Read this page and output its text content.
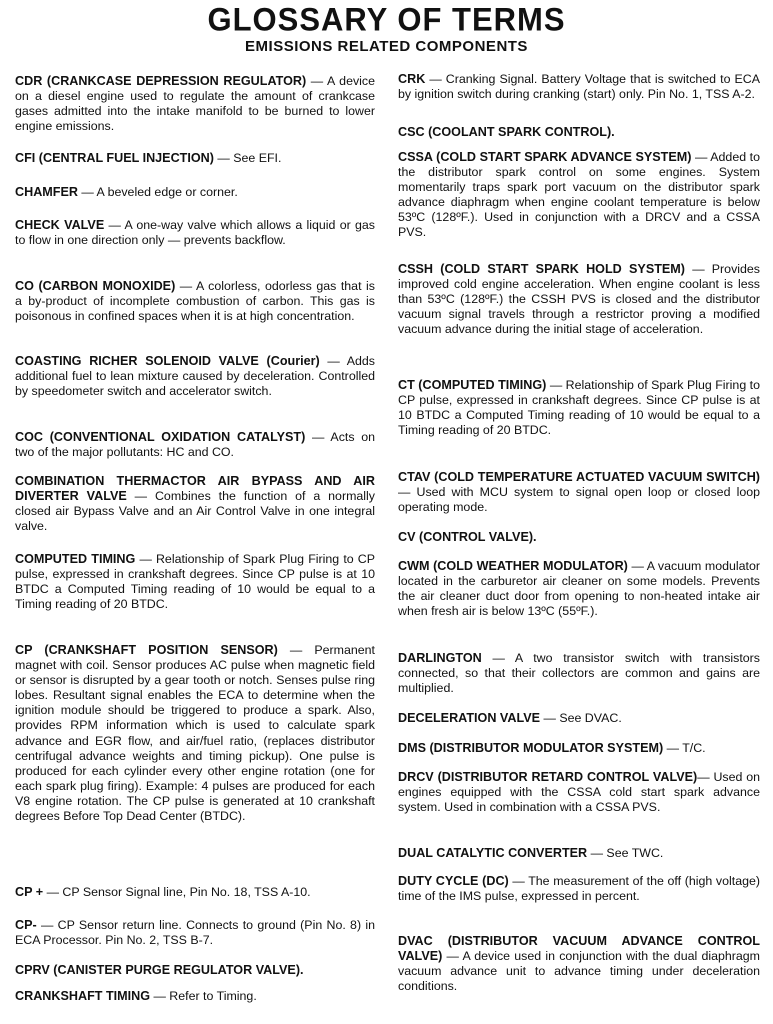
GLOSSARY OF TERMS
EMISSIONS RELATED COMPONENTS

CDR (CRANKCASE DEPRESSION REGULATOR) — A device on a diesel engine used to regulate the amount of crankcase gases admitted into the intake manifold to be burned to lower engine emissions.

CFI (CENTRAL FUEL INJECTION) — See EFI.

CHAMFER — A beveled edge or corner.

CHECK VALVE — A one-way valve which allows a liquid or gas to flow in one direction only — prevents backflow.

CO (CARBON MONOXIDE) — A colorless, odorless gas that is a by-product of incomplete combustion of carbon. This gas is poisonous in confined spaces when it is at high concentration.

COASTING RICHER SOLENOID VALVE (Courier) — Adds additional fuel to lean mixture caused by deceleration. Controlled by speedometer switch and accelerator switch.

COC (CONVENTIONAL OXIDATION CATALYST) — Acts on two of the major pollutants: HC and CO.

COMBINATION THERMACTOR AIR BYPASS AND AIR DIVERTER VALVE — Combines the function of a normally closed air Bypass Valve and an Air Control Valve in one integral valve.

COMPUTED TIMING — Relationship of Spark Plug Firing to CP pulse, expressed in crankshaft degrees. Since CP pulse is at 10 BTDC a Computed Timing reading of 10 would be equal to a Timing reading of 20 BTDC.

CP (CRANKSHAFT POSITION SENSOR) — Permanent magnet with coil. Sensor produces AC pulse when magnetic field or sensor is disrupted by a gear tooth or notch. Senses pulse ring lobes. Resultant signal enables the ECA to determine when the ignition module should be triggered to produce a spark. Also, provides RPM information which is used to calculate spark advance and EGR flow, and air/fuel ratio, (replaces distributor centrifugal advance weights and timing pickup). One pulse is produced for each cylinder every other engine rotation (one for each spark plug firing). Example: 4 pulses are produced for each V8 engine rotation. The CP pulse is generated at 10 crankshaft degrees Before Top Dead Center (BTDC).

CP + — CP Sensor Signal line, Pin No. 18, TSS A-10.

CP- — CP Sensor return line. Connects to ground (Pin No. 8) in ECA Processor. Pin No. 2, TSS B-7.

CPRV (CANISTER PURGE REGULATOR VALVE).

CRANKSHAFT TIMING — Refer to Timing.

CRK — Cranking Signal. Battery Voltage that is switched to ECA by ignition switch during cranking (start) only. Pin No. 1, TSS A-2.

CSC (COOLANT SPARK CONTROL).

CSSA (COLD START SPARK ADVANCE SYSTEM) — Added to the distributor spark control on some engines. System momentarily traps spark port vacuum on the distributor spark advance diaphragm when engine coolant temperature is below 53ºC (128ºF.). Used in conjunction with a DRCV and a CSSA PVS.

CSSH (COLD START SPARK HOLD SYSTEM) — Provides improved cold engine acceleration. When engine coolant is less than 53ºC (128ºF.) the CSSH PVS is closed and the distributor vacuum signal travels through a restrictor proving a modified vacuum advance during the initial stage of acceleration.

CT (COMPUTED TIMING) — Relationship of Spark Plug Firing to CP pulse, expressed in crankshaft degrees. Since CP pulse is at 10 BTDC a Computed Timing reading of 10 would be equal to a Timing reading of 20 BTDC.

CTAV (COLD TEMPERATURE ACTUATED VACUUM SWITCH) — Used with MCU system to signal open loop or closed loop operating mode.

CV (CONTROL VALVE).

CWM (COLD WEATHER MODULATOR) — A vacuum modulator located in the carburetor air cleaner on some models. Prevents the air cleaner duct door from opening to non-heated intake air when fresh air is below 13ºC (55ºF.).

DARLINGTON — A two transistor switch with transistors connected, so that their collectors are common and gains are multiplied.

DECELERATION VALVE — See DVAC.

DMS (DISTRIBUTOR MODULATOR SYSTEM) — T/C.

DRCV (DISTRIBUTOR RETARD CONTROL VALVE)— Used on engines equipped with the CSSA cold start spark advance system. Used in combination with a CSSA PVS.

DUAL CATALYTIC CONVERTER — See TWC.

DUTY CYCLE (DC) — The measurement of the off (high voltage) time of the IMS pulse, expressed in percent.

DVAC (DISTRIBUTOR VACUUM ADVANCE CONTROL VALVE) — A device used in conjunction with the dual diaphragm vacuum advance unit to advance timing under deceleration conditions.
